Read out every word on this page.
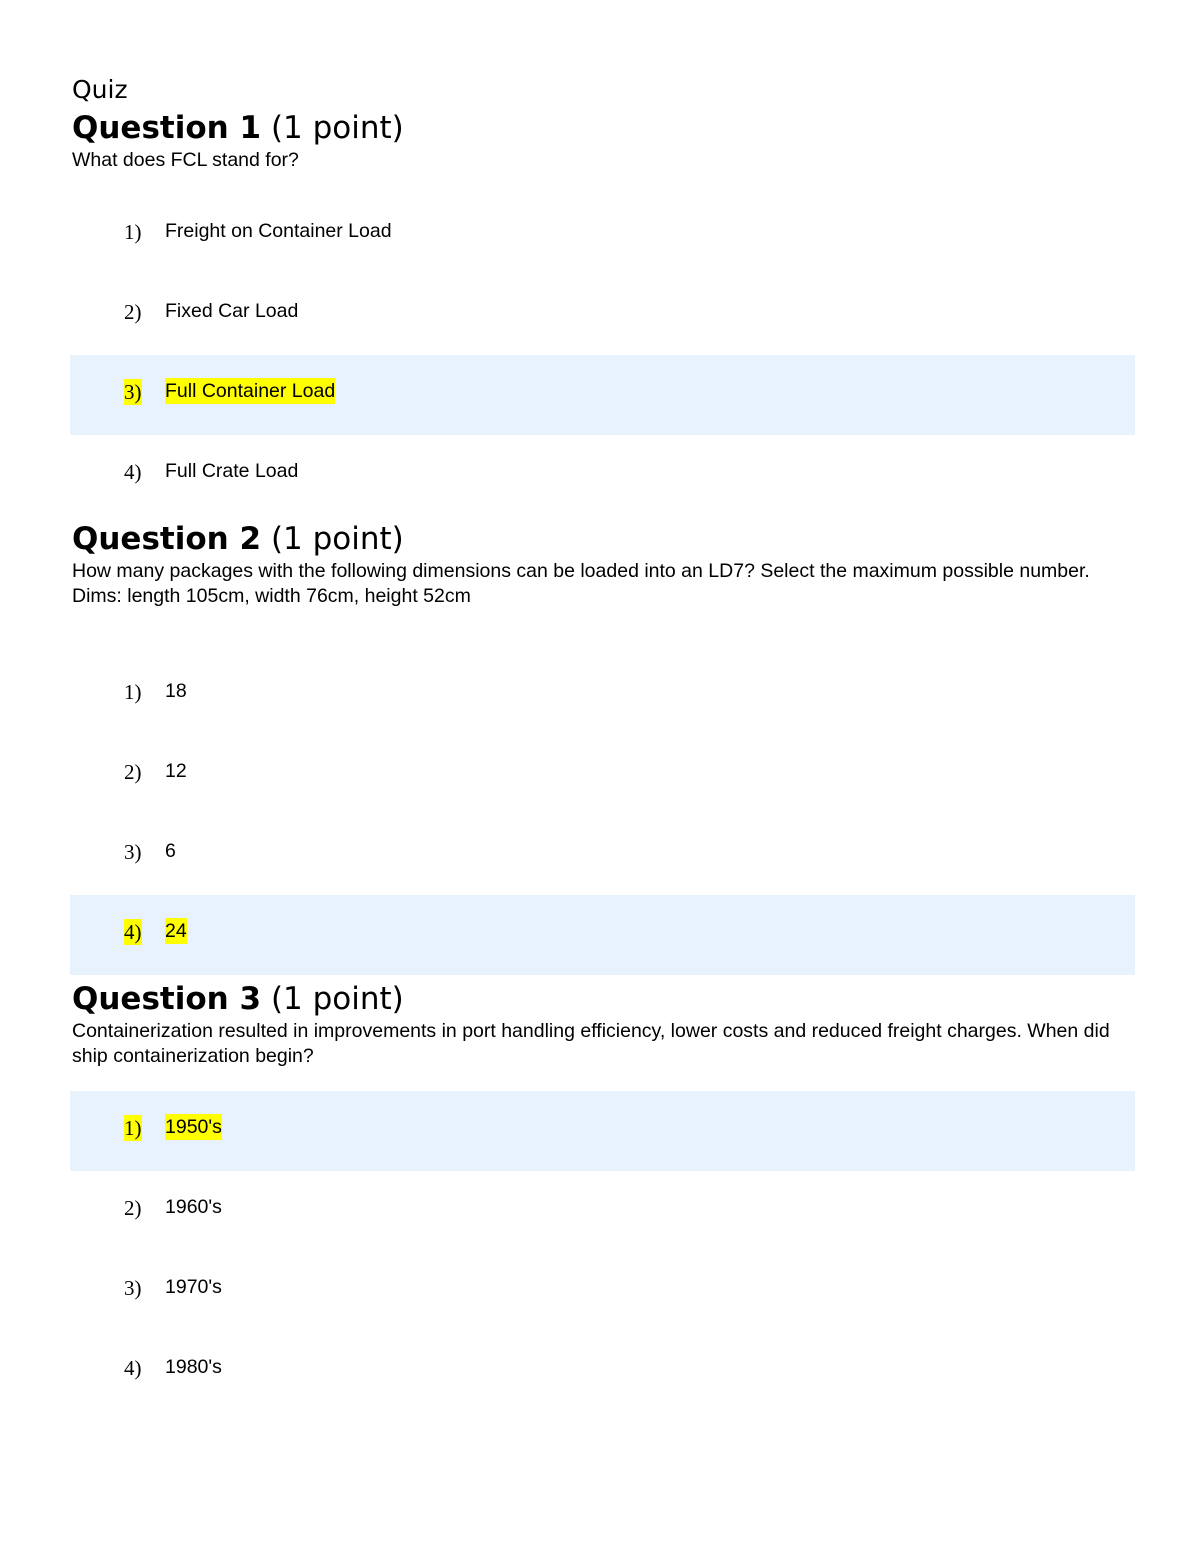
Quiz
Question 1 (1 point)

What does FCL stand for?

1) Freight on Container Load
2) Fixed Car Load
3) Full Container Load
4) Full Crate Load
Question 2 (1 point)

How many packages with the following dimensions can be loaded into an LD7? Select the maximum possible number.

Dims: length 105cm, width 76cm, height 52cm

1) 18
2) 12
3) 6
4) 24
Question 3 (1 point)

Containerization resulted in improvements in port handling efficiency, lower costs and reduced freight charges. When did ship containerization begin?

1) 1950's
2) 1960's
3) 1970's
4) 1980's
